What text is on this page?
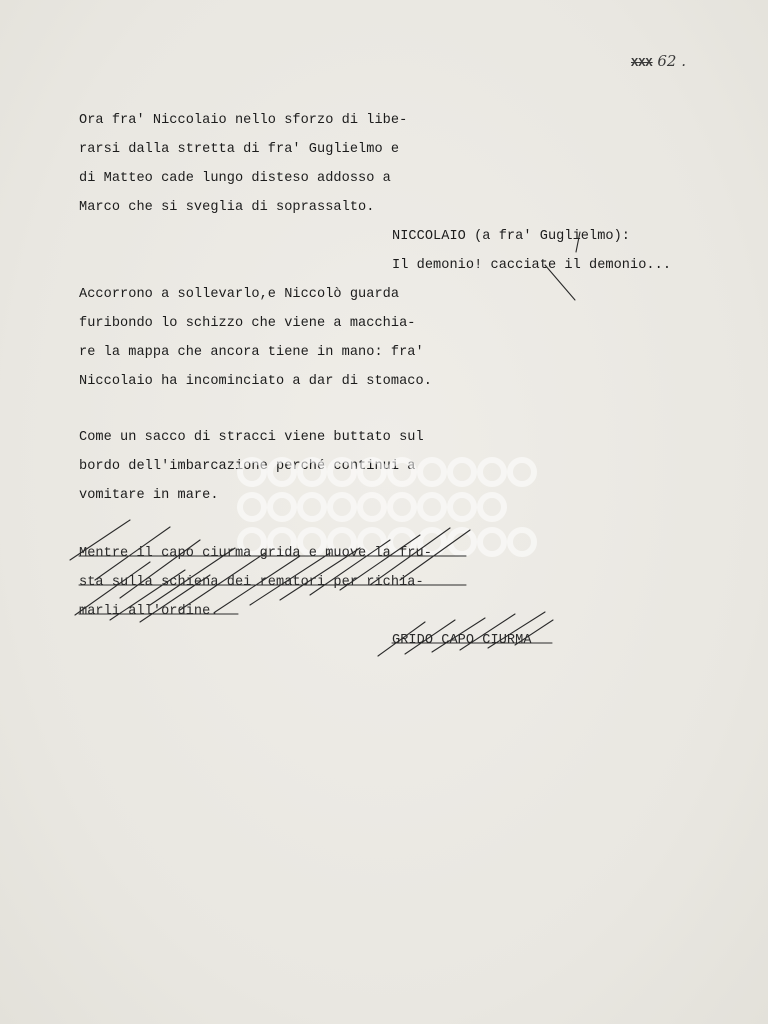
XXX 62 .
Ora fra' Niccolaio nello sforzo di libe-
rarsi dalla stretta di fra' Guglielmo e
di Matteo cade lungo disteso addosso a
Marco che si sveglia di soprassalto.
NICCOLAIO (a fra' Guglielmo):
Il demonio! cacciate il demonio...
Accorrono a sollevarlo,e Niccolò guarda
furibondo lo schizzo che viene a macchia-
re la mappa che ancora tiene in mano: fra'
Niccolaio ha incominciato a dar di stomaco.
Come un sacco di stracci viene buttato sul
bordo dell'imbarcazione perché continui a
vomitare in mare.
Mentre il capo ciurma grida e muove la fru-
sta sulla schiena dei rematori per richia-
marli all'ordine.
GRIDO CAPO CIURMA
